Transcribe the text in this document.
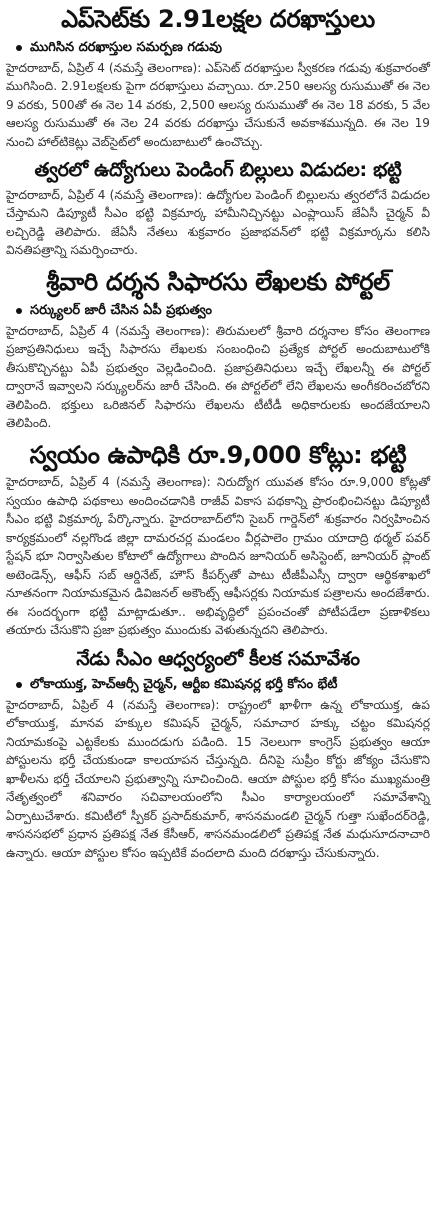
ఎప్‌సెట్‌కు 2.91లక్షల దరఖాస్తులు
ముగిసిన దరఖాస్తుల సమర్పణ గడువు

హైదరాబాద్, ఏప్రిల్ 4 (నమస్తే తెలంగాణ): ఎప్‌సెట్ దరఖాస్తుల స్వీకరణ గడువు శుక్రవారంతో ముగిసింది. 2.91లక్షలకు పైగా దరఖాస్తులు వచ్చాయి. రూ.250 ఆలస్య రుసుముతో ఈ నెల 9 వరకు, 500తో ఈ నెల 14 వరకు, 2,500 ఆలస్య రుసుముతో ఈ నెల 18 వరకు, 5 వేల ఆలస్య రుసుముతో ఈ నెల 24 వరకు దరఖాస్తు చేసుకునే అవకాశమున్నది. ఈ నెల 19 నుంచి హాల్‌టికెట్లు వెబ్‌సైట్‌లో అందుబాటులో ఉంచొచ్చు.

త్వరలో ఉద్యోగులు పెండింగ్ బిల్లులు విడుదల: భట్టి

హైదరాబాద్, ఏప్రిల్ 4 (నమస్తే తెలంగాణ): ఉద్యోగుల పెండింగ్ బిల్లులను త్వరలోనే విడుదల చేస్తామని డిప్యూటీ సీఎం భట్టి విక్రమార్క హామీనిచ్చినట్టు ఎంప్లాయిస్ జేఏసీ చైర్మన్ వీ లచ్చిరెడ్డి తెలిపారు. జేఏసీ నేతలు శుక్రవారం ప్రజాభవన్‌లో భట్టి విక్రమార్కను కలిసి వినతిపత్రాన్ని సమర్పించారు.

శ్రీవారి దర్శన సిఫారసు లేఖలకు పోర్టల్
సర్క్యులర్ జారీ చేసిన ఏపీ ప్రభుత్వం

హైదరాబాద్, ఏప్రిల్ 4 (నమస్తే తెలంగాణ): తిరుమలలో శ్రీవారి దర్శనాల కోసం తెలంగాణ ప్రజాప్రతినిధులు ఇచ్చే సిఫారసు లేఖలకు సంబంధించి ప్రత్యేక పోర్టల్ అందుబాటులోకి తీసుకొచ్చినట్టు ఏపీ ప్రభుత్వం వెల్లడించింది. ప్రజాప్రతినిధులు ఇచ్చే లేఖలన్నీ ఈ పోర్టల్ ద్వారానే ఇవ్వాలని సర్క్యులర్‌ను జారీ చేసింది. ఈ పోర్టల్‌లో లేని లేఖలను అంగీకరించబోరని తెలిపింది. భక్తులు ఒరిజినల్ సిఫారసు లేఖలను టీటీడీ అధికారులకు అందజేయాలని తెలిపింది.

స్వయం ఉపాధికి రూ.9,000 కోట్లు: భట్టి

హైదరాబాద్, ఏప్రిల్ 4 (నమస్తే తెలంగాణ): నిరుద్యోగ యువత కోసం రూ.9,000 కోట్లతో స్వయం ఉపాధి పథకాలు అందించడానికి రాజీవ్ వికాస పథకాన్ని ప్రారంభించినట్టు డిప్యూటీ సీఎం భట్టి విక్రమార్క పేర్కొన్నారు. హైదరాబాద్‌లోని సైబర్ గార్డెన్‌లో శుక్రవారం నిర్వహించిన కార్యక్రమంలో నల్లగొండ జిల్లా దామరచర్ల మండలం వీర్లపాలెం గ్రామం యాదాద్రి థర్మల్ పవర్ స్టేషన్ భూ నిర్వాసితుల కోటాలో ఉద్యోగాలు పొందిన జూనియర్ అసిస్టెంట్, జూనియర్ ప్లాంట్ అటెండెన్స్, ఆఫీస్ సబ్ ఆర్డినేట్, హౌస్ కీపర్స్‌తో పాటు టీజీపీఎస్సీ ద్వారా ఆర్థికశాఖలో నూతనంగా నియామకమైన డివిజనల్ అకౌంట్స్ ఆఫీసర్లకు నియామక పత్రాలను అందజేశారు. ఈ సందర్భంగా భట్టి మాట్లాడుతూ.. అభివృద్ధిలో ప్రపంచంతో పోటీపడేలా ప్రణాళికలు తయారు చేసుకొని ప్రజా ప్రభుత్వం ముందుకు వెళుతున్నదని తెలిపారు.

నేడు సీఎం ఆధ్వర్యంలో కీలక సమావేశం
లోకాయుక్త, హెచ్‌ఆర్సీ చైర్మన్, ఆర్టీఐ కమిషనర్ల భర్తీ కోసం భేటీ

హైదరాబాద్, ఏప్రిల్ 4 (నమస్తే తెలంగాణ): రాష్ట్రంలో ఖాళీగా ఉన్న లోకాయుక్త, ఉప లోకాయుక్త, మానవ హక్కుల కమిషన్ చైర్మన్, సమాచార హక్కు చట్టం కమిషనర్ల నియామకంపై ఎట్టకేలకు ముందడుగు పడింది. 15 నెలలుగా కాంగ్రెస్ ప్రభుత్వం ఆయా పోస్టులను భర్తీ చేయకుండా కాలయాపన చేస్తున్నది. దీనిపై సుప్రీం కోర్టు జోక్యం చేసుకొని ఖాళీలను భర్తీ చేయాలని ప్రభుత్వాన్ని సూచించింది. ఆయా పోస్టుల భర్తీ కోసం ముఖ్యమంత్రి నేతృత్వంలో శనివారం సచివాలయంలోని సీఎం కార్యాలయంలో సమావేశాన్ని ఏర్పాటుచేశారు. కమిటీలో స్పీకర్ ప్రసాద్‌కుమార్, శాసనమండలి చైర్మన్ గుత్తా సుఖేందర్‌రెడ్డి, శాసనసభలో ప్రధాన ప్రతిపక్ష నేత కేసీఆర్, శాసనమండలిలో ప్రతిపక్ష నేత మధుసూదనాచారి ఉన్నారు. ఆయా పోస్టుల కోసం ఇప్పటికే వందలాది మంది దరఖాస్తు చేసుకున్నారు.
